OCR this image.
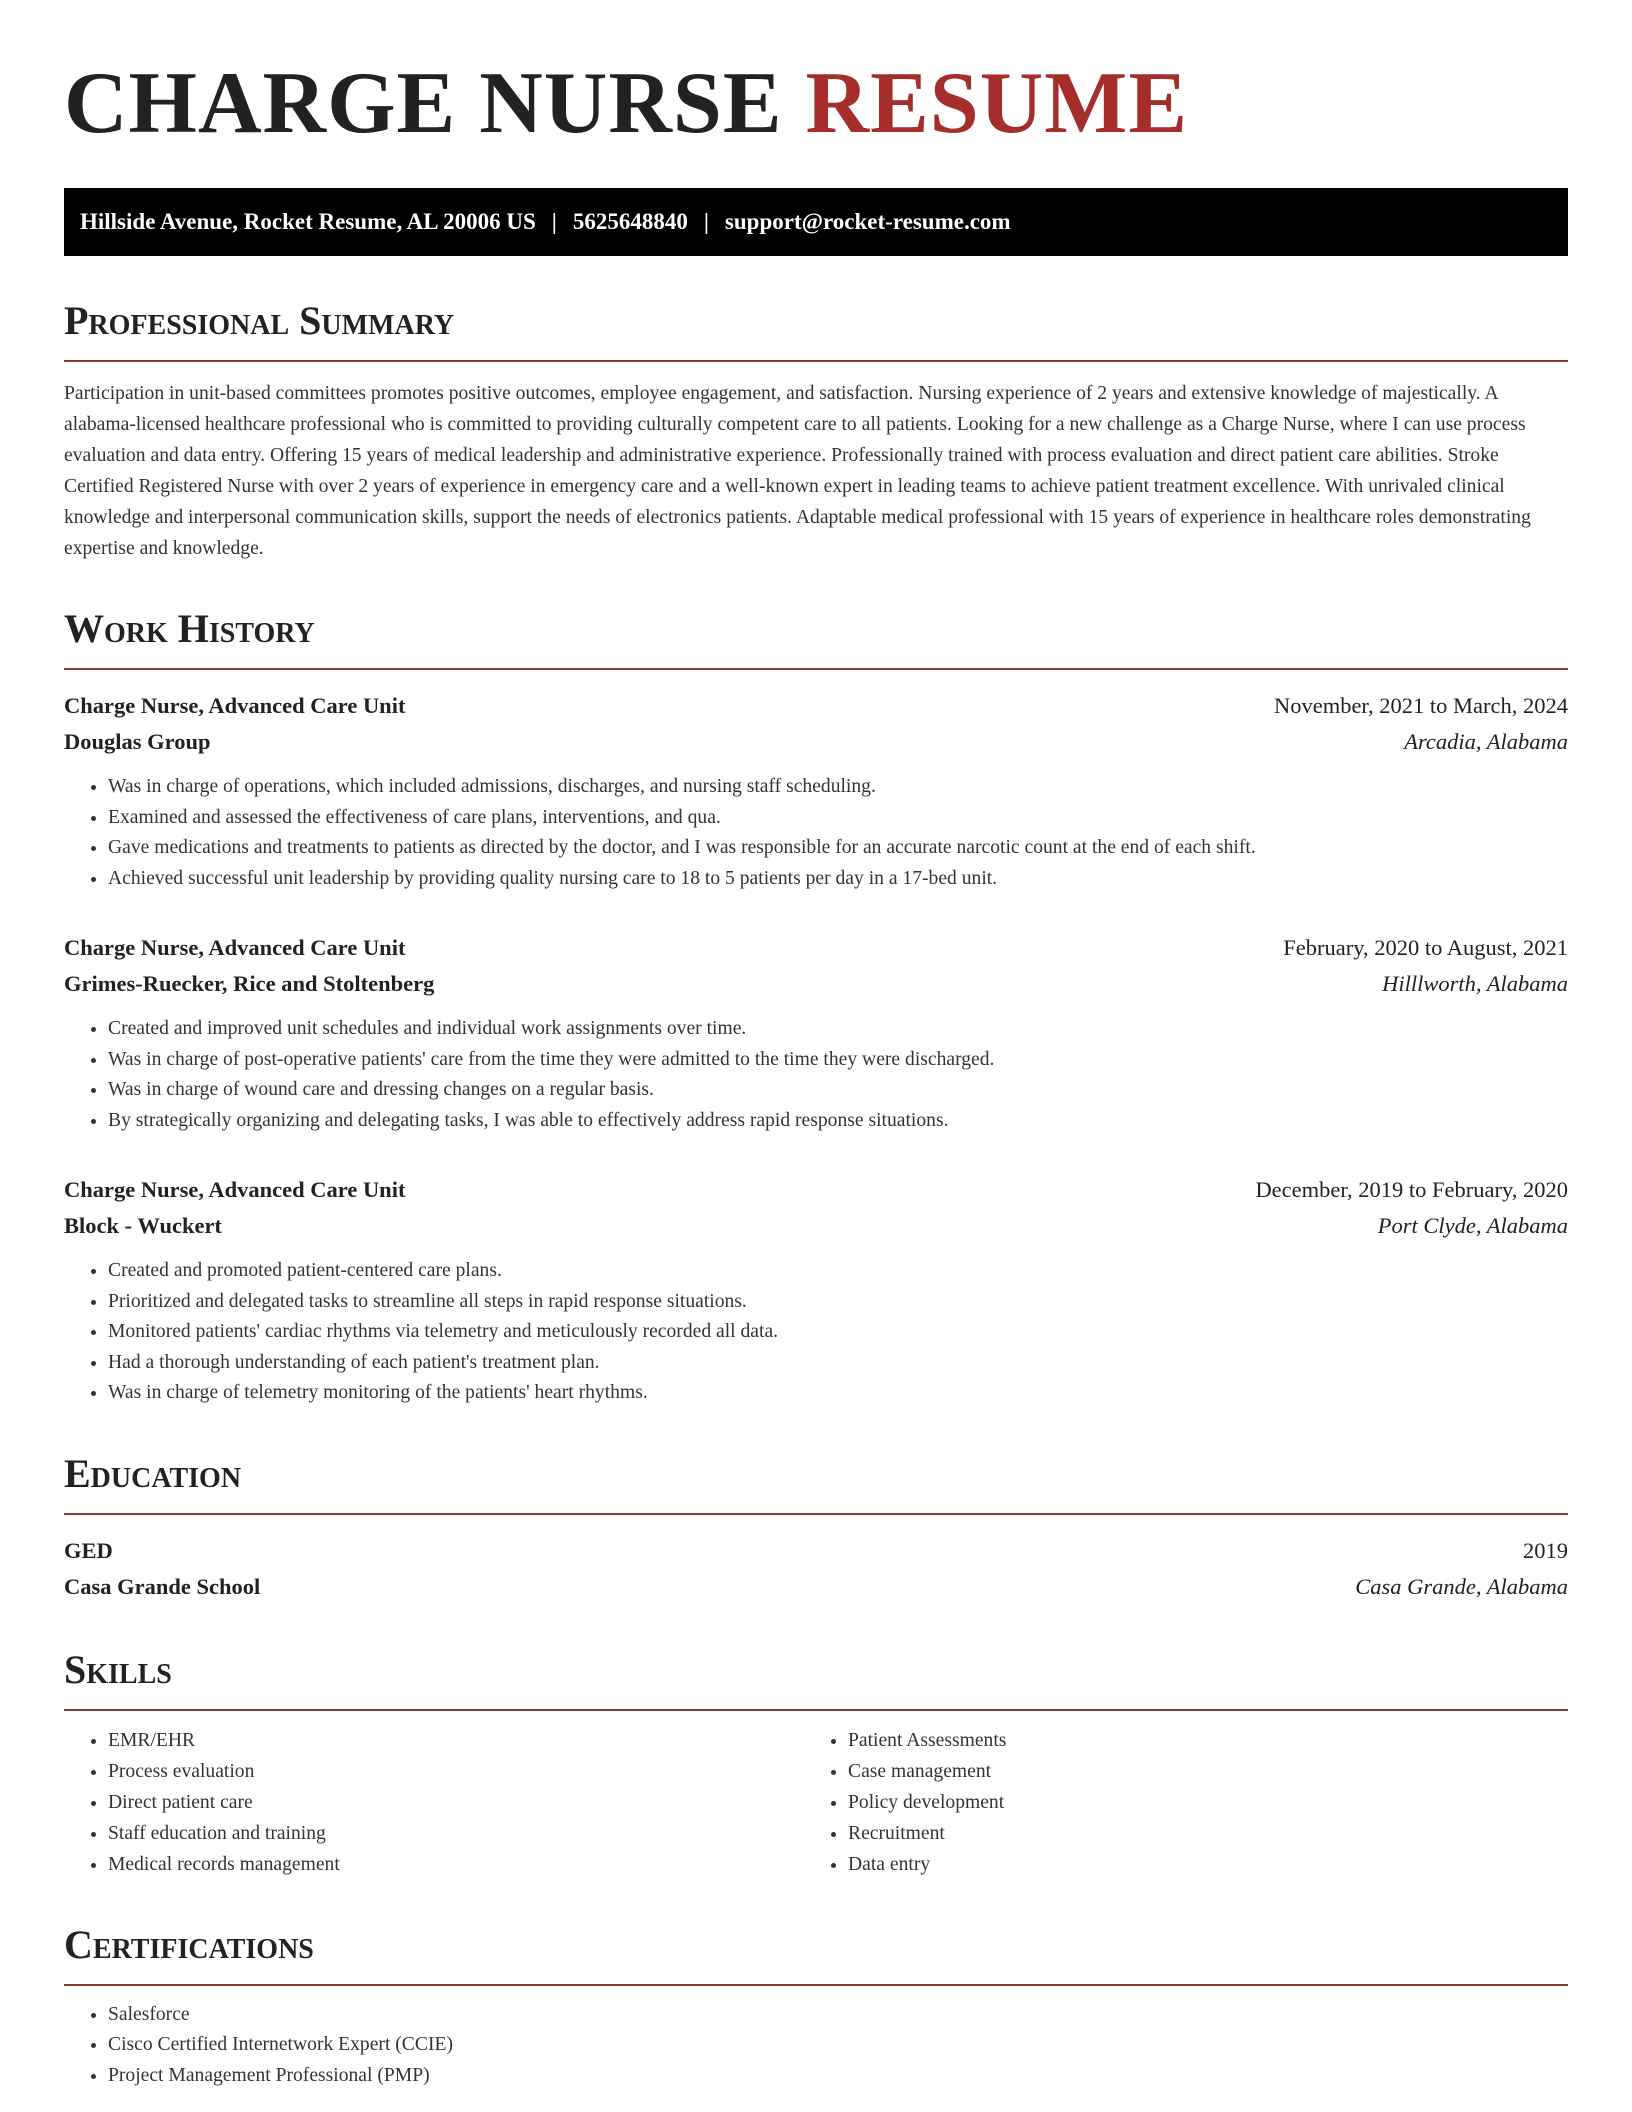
CHARGE NURSE RESUME
Hillside Avenue, Rocket Resume, AL 20006 US | 5625648840 | support@rocket-resume.com
Professional Summary

Participation in unit-based committees promotes positive outcomes, employee engagement, and satisfaction. Nursing experience of 2 years and extensive knowledge of majestically. A alabama-licensed healthcare professional who is committed to providing culturally competent care to all patients. Looking for a new challenge as a Charge Nurse, where I can use process evaluation and data entry. Offering 15 years of medical leadership and administrative experience. Professionally trained with process evaluation and direct patient care abilities. Stroke Certified Registered Nurse with over 2 years of experience in emergency care and a well-known expert in leading teams to achieve patient treatment excellence. With unrivaled clinical knowledge and interpersonal communication skills, support the needs of electronics patients. Adaptable medical professional with 15 years of experience in healthcare roles demonstrating expertise and knowledge.

Work History
Charge Nurse, Advanced Care Unit	November, 2021 to March, 2024
Douglas Group	Arcadia, Alabama
• Was in charge of operations, which included admissions, discharges, and nursing staff scheduling.
• Examined and assessed the effectiveness of care plans, interventions, and qua.
• Gave medications and treatments to patients as directed by the doctor, and I was responsible for an accurate narcotic count at the end of each shift.
• Achieved successful unit leadership by providing quality nursing care to 18 to 5 patients per day in a 17-bed unit.
Charge Nurse, Advanced Care Unit	February, 2020 to August, 2021
Grimes-Ruecker, Rice and Stoltenberg	Hilllworth, Alabama
• Created and improved unit schedules and individual work assignments over time.
• Was in charge of post-operative patients' care from the time they were admitted to the time they were discharged.
• Was in charge of wound care and dressing changes on a regular basis.
• By strategically organizing and delegating tasks, I was able to effectively address rapid response situations.
Charge Nurse, Advanced Care Unit	December, 2019 to February, 2020
Block - Wuckert	Port Clyde, Alabama
• Created and promoted patient-centered care plans.
• Prioritized and delegated tasks to streamline all steps in rapid response situations.
• Monitored patients' cardiac rhythms via telemetry and meticulously recorded all data.
• Had a thorough understanding of each patient's treatment plan.
• Was in charge of telemetry monitoring of the patients' heart rhythms.
Education
GED	2019
Casa Grande School	Casa Grande, Alabama
Skills
• EMR/EHR
• Process evaluation
• Direct patient care
• Staff education and training
• Medical records management
• Patient Assessments
• Case management
• Policy development
• Recruitment
• Data entry
Certifications
• Salesforce
• Cisco Certified Internetwork Expert (CCIE)
• Project Management Professional (PMP)
